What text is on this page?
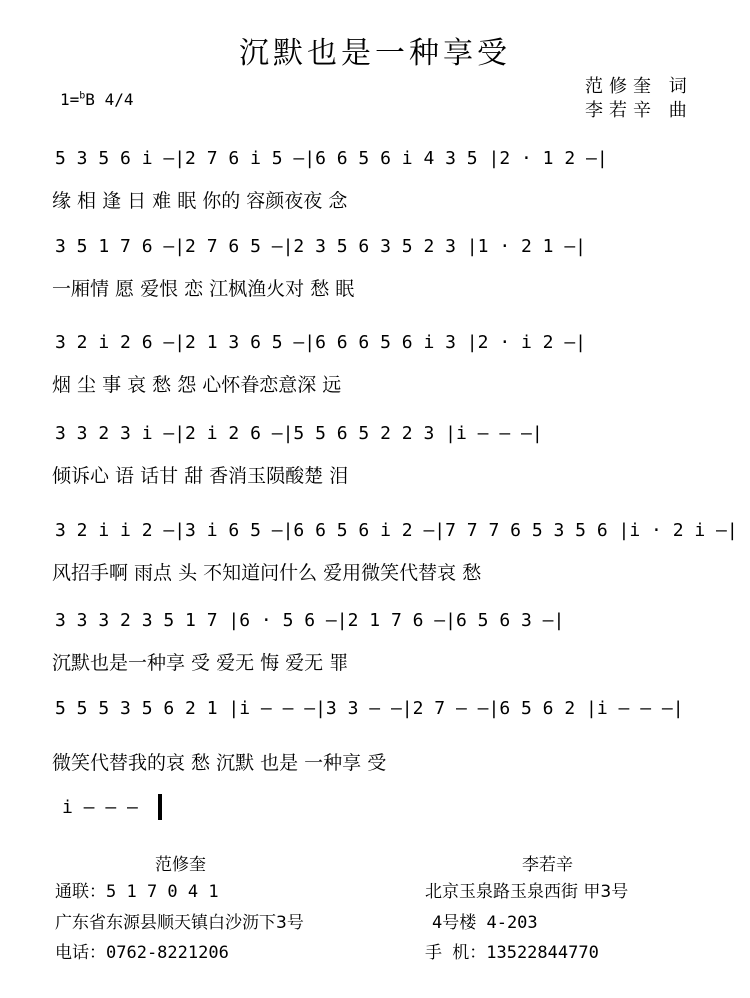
沉默也是一种享受
范修奎 词
李若辛 曲
1=$^b$B 4/4
5 3 5 6 i –|2 7 6 i 5 –|6 6 5 6 i 4 3 5 |2 · 1 2 –|
缘 相 逢 日 难 眠 你的 容颜夜夜 念
3 5 1 7 6 –|2 7 6 5 –|2 3 5 6 3 5 2 3 |1 · 2 1 –|
一厢情 愿 爱恨 恋 江枫渔火对 愁 眠
3 2 i 2 6 –|2 1 3 6 5 –|6 6 6 5 6 i 3 |2 · i 2 –|
烟 尘 事 哀 愁 怨 心怀眷恋意深 远
3 3 2 3 i –|2 i 2 6 –|5 5 6 5 2 2 3 |i – – –|
倾诉心 语 话甘 甜 香消玉陨酸楚 泪
3 2 i i 2 –|3 i 6 5 –|6 6 5 6 i 2 –|7 7 7 6 5 3 5 6 |i · 2 i –|
风招手啊 雨点 头 不知道问什么 爱用微笑代替哀 愁
3 3 3 2 3 5 1 7 |6 · 5 6 –|2 1 7 6 –|6 5 6 3 –|
沉默也是一种享 受 爱无 悔 爱无 罪
5 5 5 3 5 6 2 1 |i – – –|3 3 – –|2 7 – –|6 5 6 2 |i – – –|
微笑代替我的哀 愁 沉默 也是 一种享 受
i – – –
范修奎
通联：5 1 7 0 4 1
广东省东源县顺天镇白沙沥下3号
电话：0762-8221206
李若辛
北京玉泉路玉泉西街 甲3号
4号楼 4-203
手 机：13522844770
